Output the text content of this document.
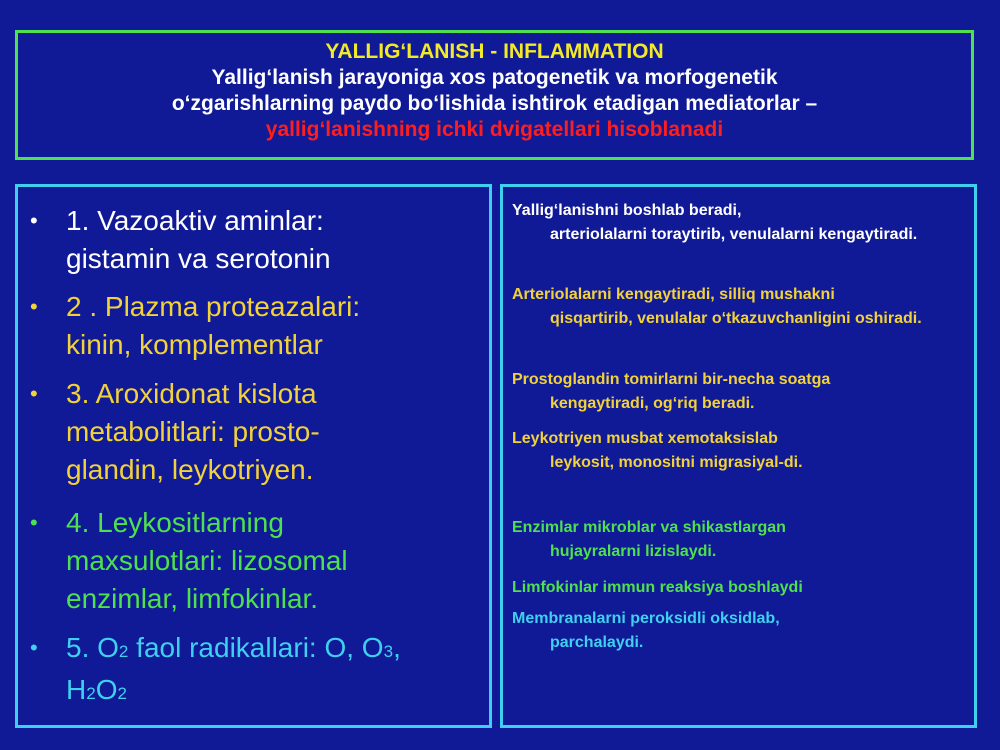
YALLIG‘LANISH - INFLAMMATION
Yallig‘lanish jarayoniga xos patogenetik va morfogenetik
o‘zgarishlarning paydo bo‘lishida ishtirok etadigan mediatorlar –
yallig‘lanishning ichki dvigatellari hisoblanadi
•	1. Vazoaktiv aminlar:
gistamin va serotonin
•	2 . Plazma proteazalari:
kinin, komplementlar
•	3. Aroxidonat kislota
metabolitlari: prosto-
glandin, leykotriyen.
•	4. Leykositlarning
maxsulotlari: lizosomal
enzimlar, limfokinlar.
•	5. O2 faol radikallari: O, O3,
H2O2
Yallig‘lanishni boshlab beradi,
arteriolalarni toraytirib, venulalarni kengaytiradi.
Arteriolalarni kengaytiradi, silliq mushakni
qisqartirib, venulalar o‘tkazuvchanligini oshiradi.
Prostoglandin tomirlarni bir-necha soatga
kengaytiradi, og‘riq beradi.
Leykotriyen musbat xemotaksislab
leykosit, monositni migrasiyal-di.
Enzimlar mikroblar va shikastlargan
hujayralarni lizislaydi.
Limfokinlar immun reaksiya boshlaydi
Membranalarni peroksidli oksidlab,
parchalaydi.
